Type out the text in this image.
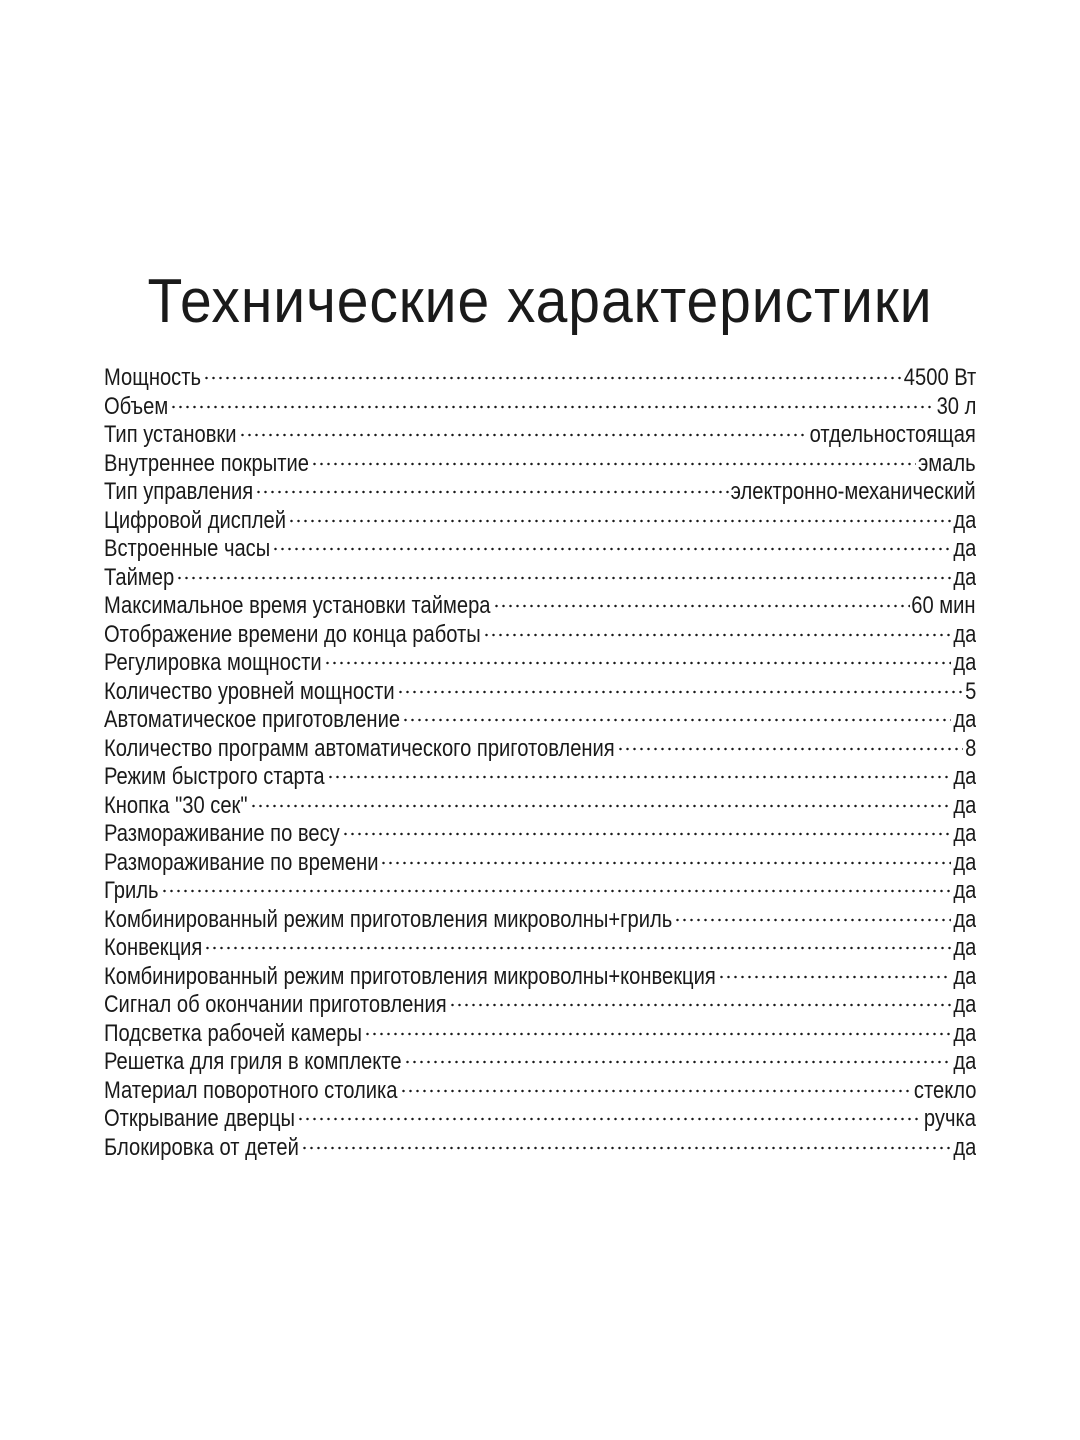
Технические характеристики
Мощность	4500 Вт
Объем	30 л
Тип установки	отдельностоящая
Внутреннее покрытие	эмаль
Тип управления	электронно-механический
Цифровой дисплей	да
Встроенные часы	да
Таймер	да
Максимальное время установки таймера	60 мин
Отображение времени до конца работы	да
Регулировка мощности	да
Количество уровней мощности	5
Автоматическое приготовление	да
Количество программ автоматического приготовления	8
Режим быстрого старта	да
Кнопка "30 сек"	да
Размораживание по весу	да
Размораживание по времени	да
Гриль	да
Комбинированный режим приготовления микроволны+гриль	да
Конвекция	да
Комбинированный режим приготовления микроволны+конвекция	да
Сигнал об окончании приготовления	да
Подсветка рабочей камеры	да
Решетка для гриля в комплекте	да
Материал поворотного столика	стекло
Открывание дверцы	ручка
Блокировка от детей	да
